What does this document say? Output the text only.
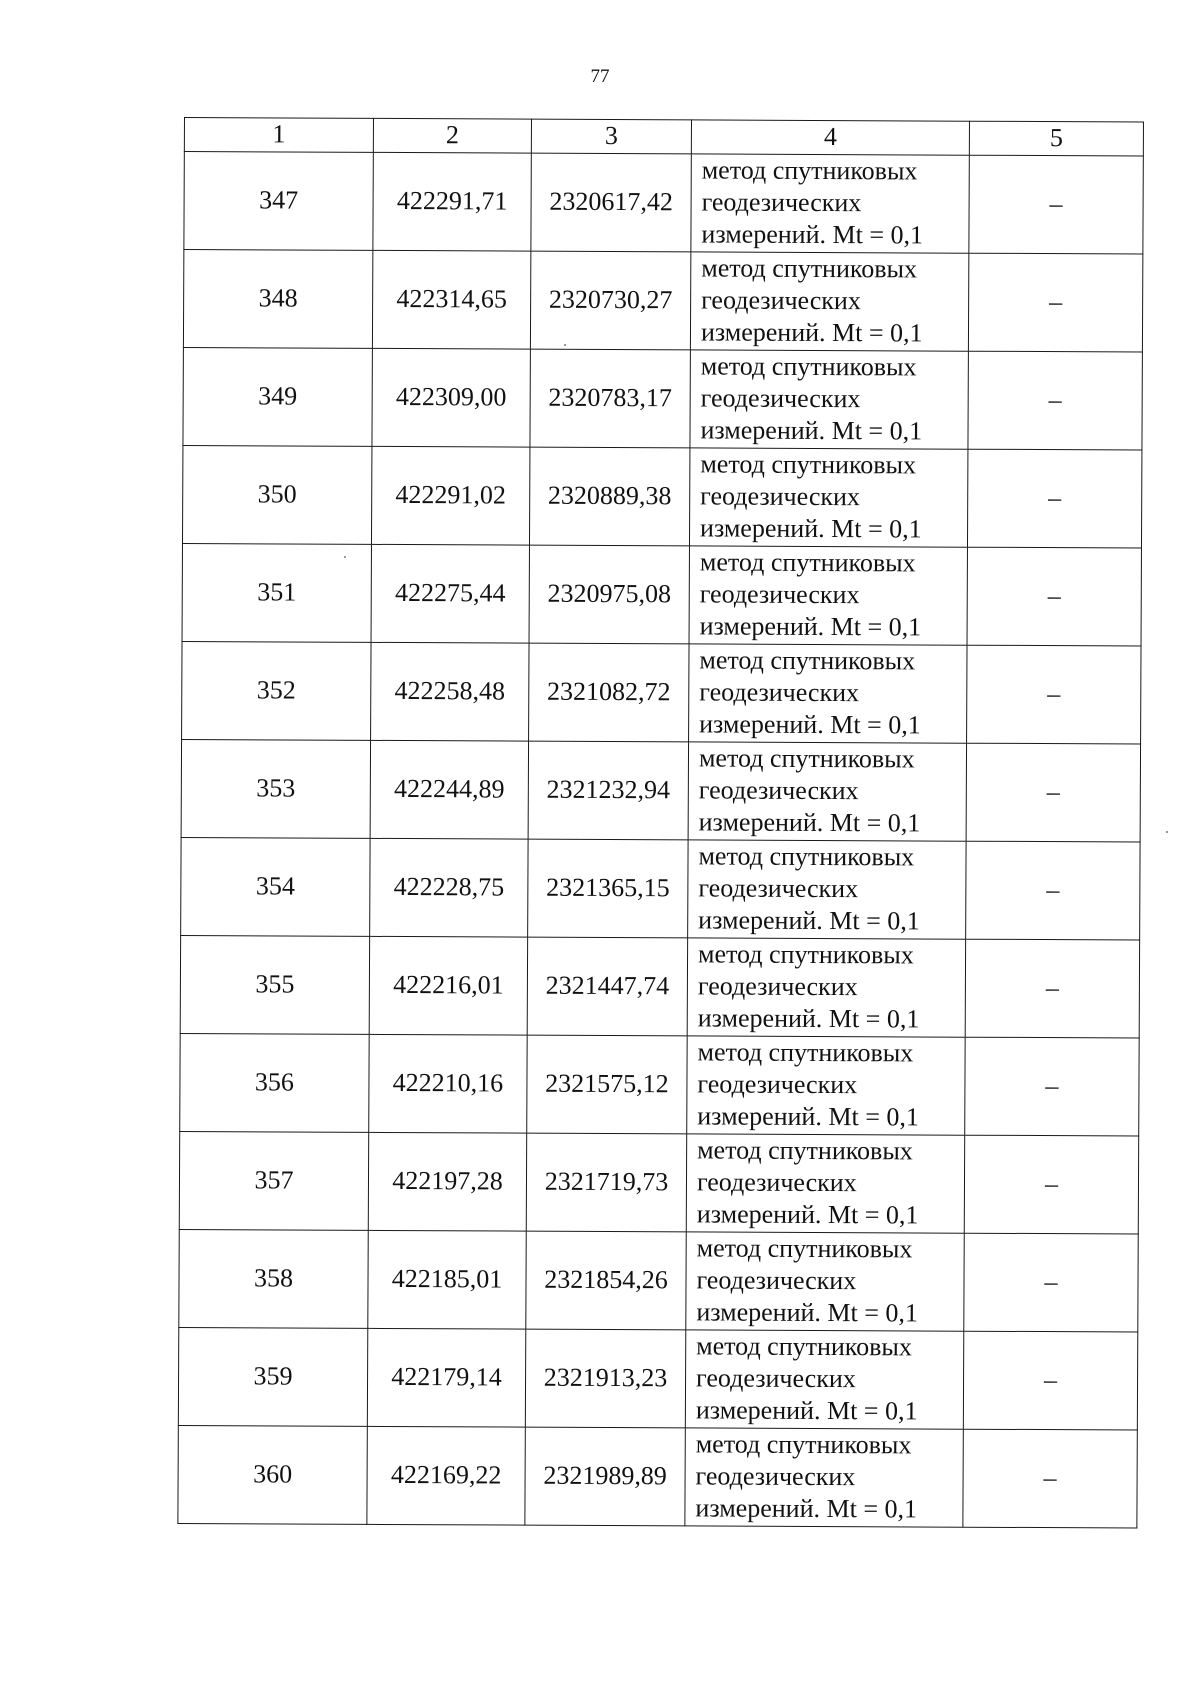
77
1	2	3	4	5
347	422291,71	2320617,42	метод спутниковых
геодезических
измерений. Mt = 0,1	–
348	422314,65	2320730,27	метод спутниковых
геодезических
измерений. Mt = 0,1	–
349	422309,00	2320783,17	метод спутниковых
геодезических
измерений. Mt = 0,1	–
350	422291,02	2320889,38	метод спутниковых
геодезических
измерений. Mt = 0,1	–
351	422275,44	2320975,08	метод спутниковых
геодезических
измерений. Mt = 0,1	–
352	422258,48	2321082,72	метод спутниковых
геодезических
измерений. Mt = 0,1	–
353	422244,89	2321232,94	метод спутниковых
геодезических
измерений. Mt = 0,1	–
354	422228,75	2321365,15	метод спутниковых
геодезических
измерений. Mt = 0,1	–
355	422216,01	2321447,74	метод спутниковых
геодезических
измерений. Mt = 0,1	–
356	422210,16	2321575,12	метод спутниковых
геодезических
измерений. Mt = 0,1	–
357	422197,28	2321719,73	метод спутниковых
геодезических
измерений. Mt = 0,1	–
358	422185,01	2321854,26	метод спутниковых
геодезических
измерений. Mt = 0,1	–
359	422179,14	2321913,23	метод спутниковых
геодезических
измерений. Mt = 0,1	–
360	422169,22	2321989,89	метод спутниковых
геодезических
измерений. Mt = 0,1	–
